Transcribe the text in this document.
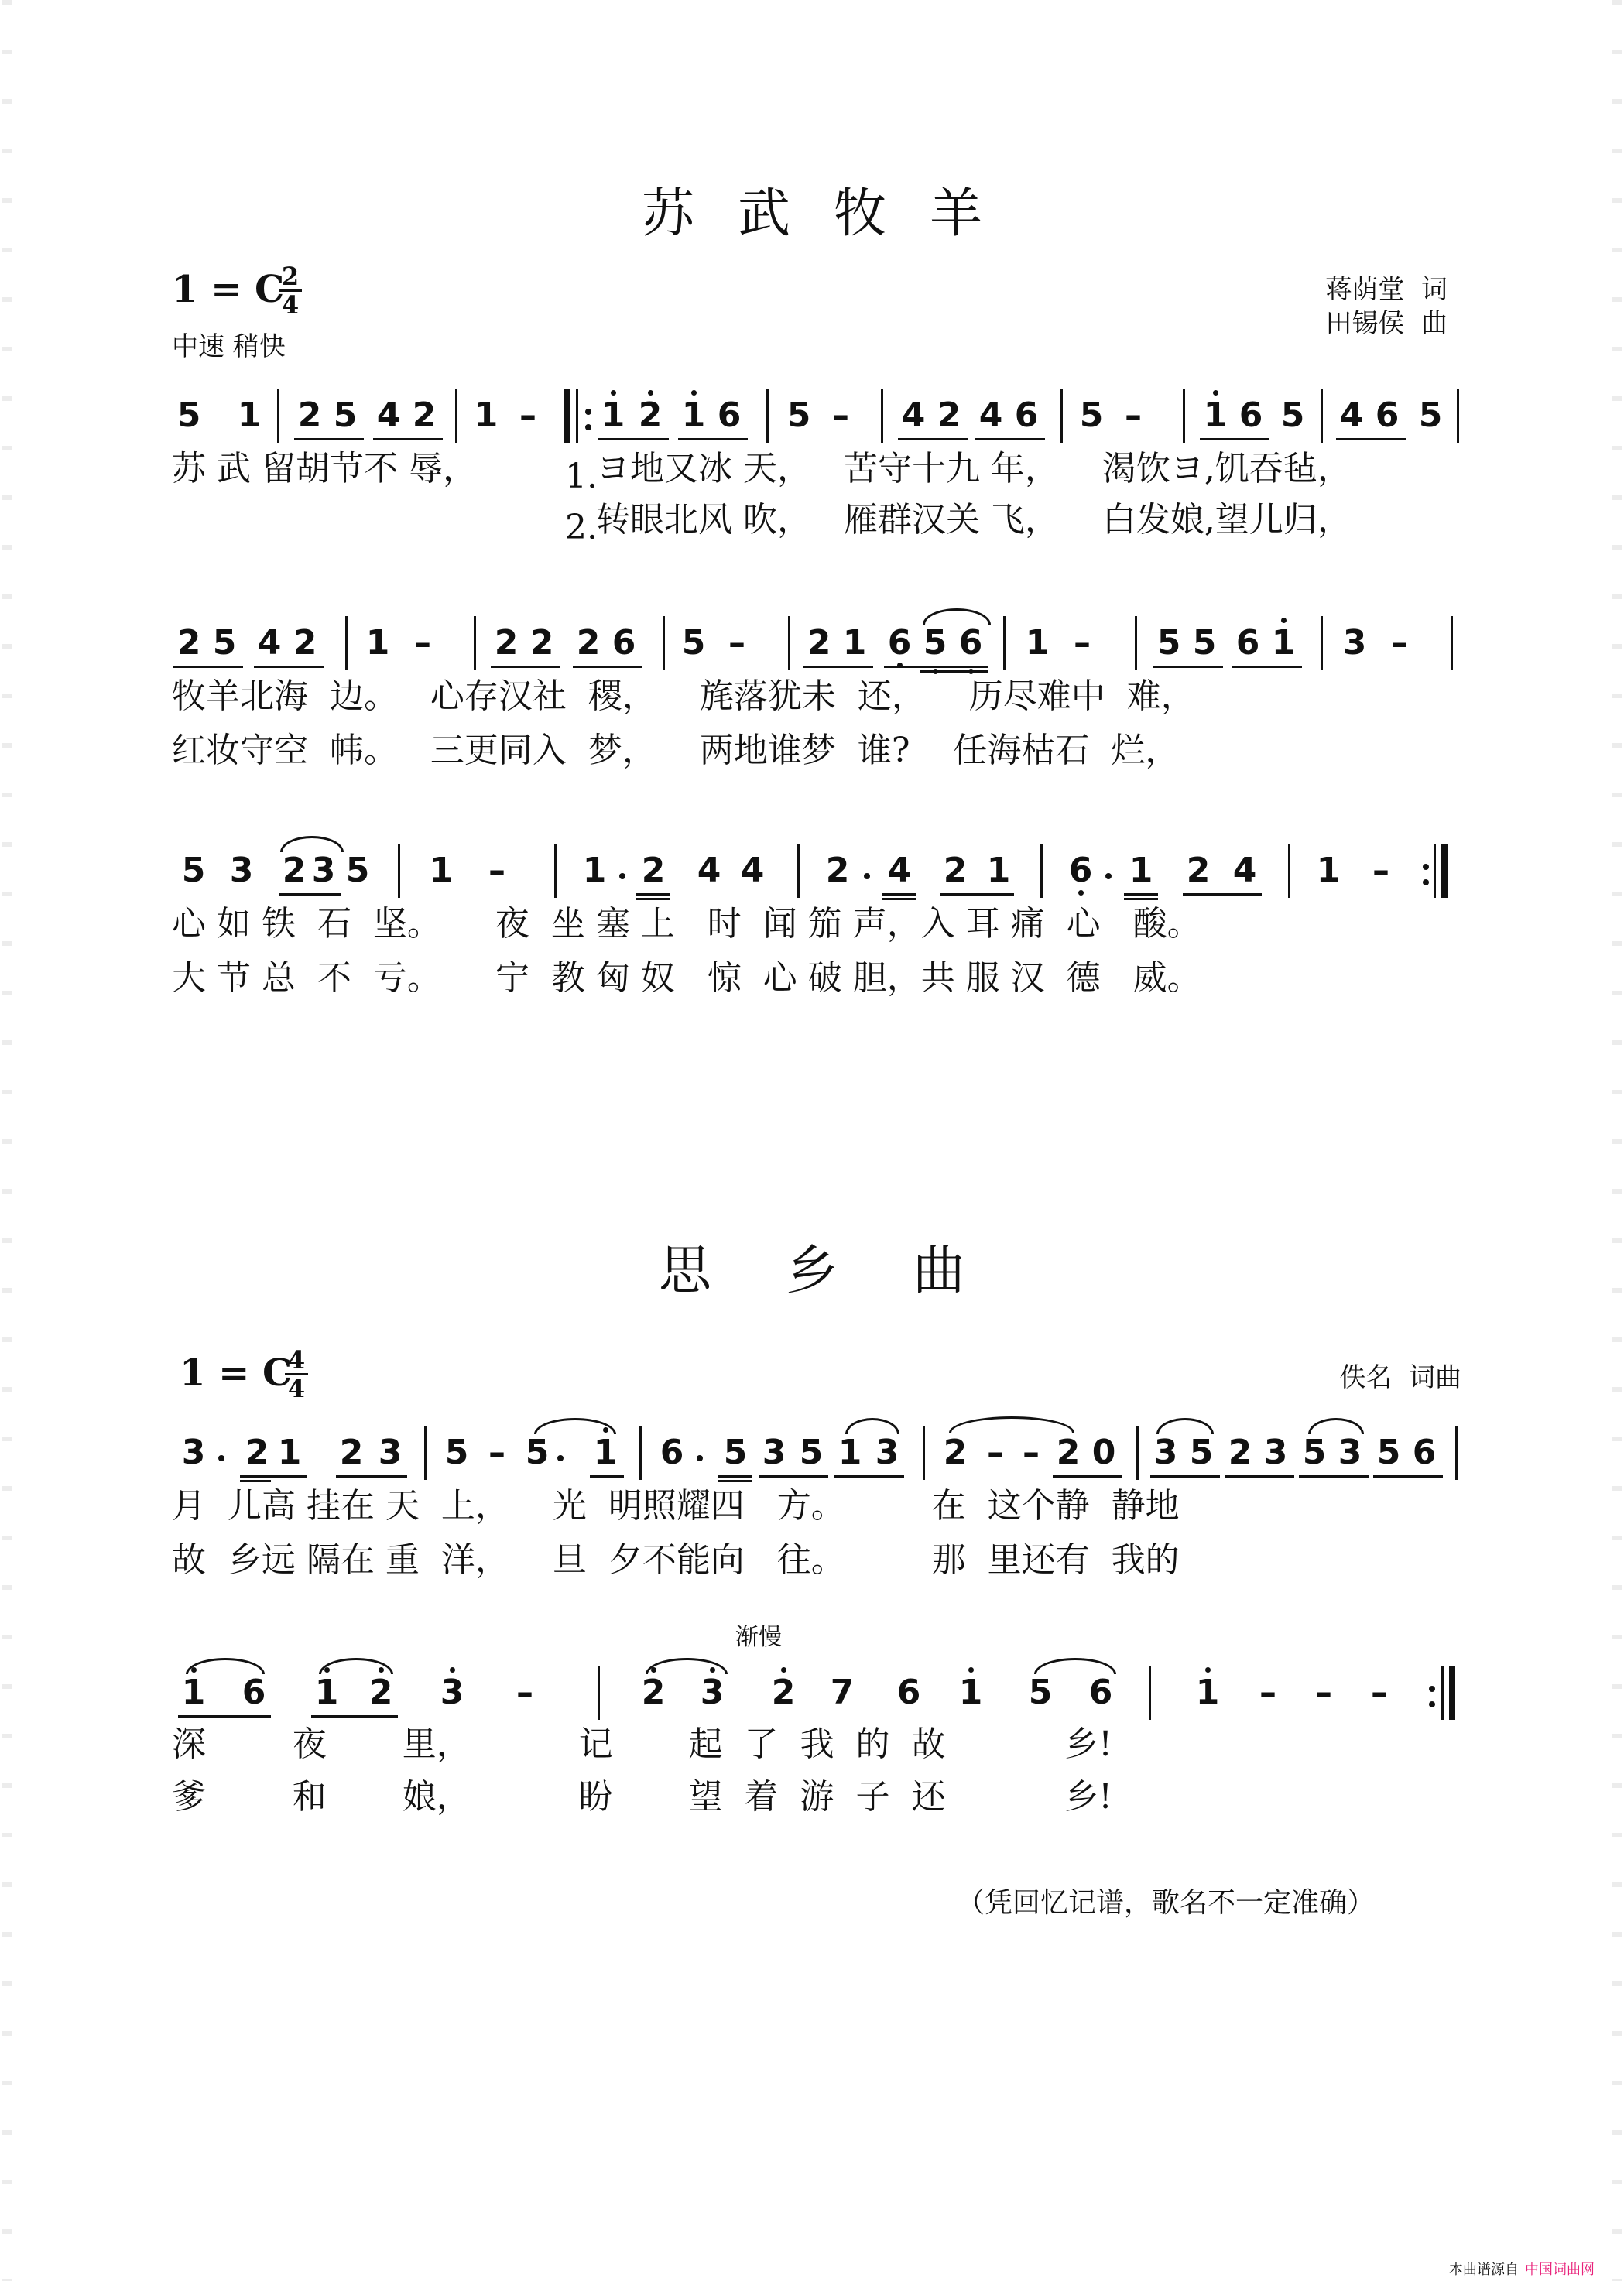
苏 武 牧 羊
1 = C
$\frac{2}{4}$
中速 稍快
蒋荫堂  词
田锡侯  曲
5 1 2 5 4 2 1 – 1 2 1 6 5 – 4 2 4 6 5 – 1 6 5 4 6 5
苏 武 留胡节不 辱，	1.
ヨ地又冰 天，   苦守十九 年，    渴饮ヨ,饥吞毡，
2.
转眼北风 吹，   雁群汉关 飞，    白发娘,望儿归，
2 5 4 2 1 – 2 2 2 6 5 – 2 1 6 5 6 1 – 5 5 6 1 3 –
牧羊北海  边。   心存汉社  稷，    旄落犹未  还，    历尽难中  难，
红妆守空  帏。   三更同入  梦，    两地谁梦  谁?    任海枯石  烂，
5 3 2 3 5 1 – 1 2 4 4 2 4 2 1 6 1 2 4 1 –
心 如 铁  石  坚。     夜  坐 塞 上   时  闻 笳 声，入 耳 痛  心   酸。
大 节 总  不  亏。     宁  教 匈 奴   惊  心 破 胆，共 服 汉  德   威。
思 乡 曲
1 = C
$\frac{4}{4}$	佚名  词曲
3 2 1 2 3 5 – 5 1 6 5 3 5 1 3 2 – – 2 0 3 5 2 3 5 3 5 6
月  儿高 挂在 天  上，    光  明照耀四   方。        在  这个静  静地
故  乡远 隔在 重  洋，    旦  夕不能向   往。        那  里还有  我的
渐慢
1 6 1 2 3 –	2 3 2 7 6 1 5 6 1 – – –
深        夜       里，          记       起  了  我  的  故           乡!
爹        和       娘，          盼       望  着  游  子  还           乡!
（凭回忆记谱，歌名不一定准确）
本曲谱源自 中国词曲网
